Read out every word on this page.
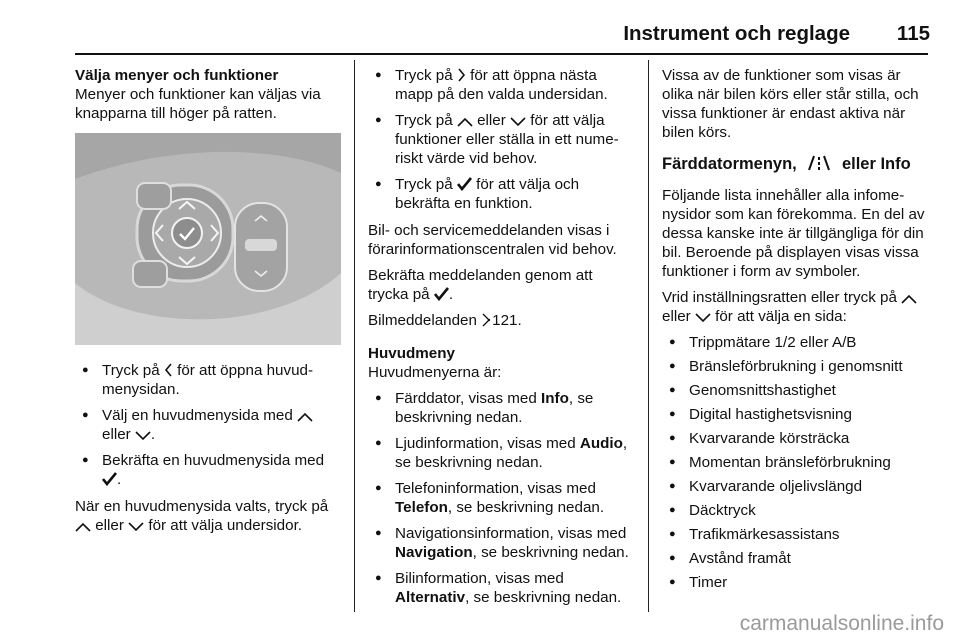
Instrument och reglage 115

Välja menyer och funktioner

Menyer och funktioner kan väljas via knapparna till höger på ratten.

● Tryck på  för att öppna huvudmenysidan.
● Välj en huvudmenysida med  eller .
● Bekräfta en huvudmenysida med .

När en huvudmenysida valts, tryck på  eller  för att välja undersidor.

● Tryck på  för att öppna nästa mapp på den valda undersidan.
● Tryck på  eller  för att välja funktioner eller ställa in ett numeriskt värde vid behov.
● Tryck på  för att välja och bekräfta en funktion.

Bil- och servicemeddelanden visas i förarinformationscentralen vid behov.

Bekräfta meddelanden genom att trycka på .

Bilmeddelanden 121.

Huvudmeny

Huvudmenyerna är:

● Färddator, visas med Info, se beskrivning nedan.
● Ljudinformation, visas med Audio, se beskrivning nedan.
● Telefoninformation, visas med Telefon, se beskrivning nedan.
● Navigationsinformation, visas med Navigation, se beskrivning nedan.
● Bilinformation, visas med Alternativ, se beskrivning nedan.

Vissa av de funktioner som visas är olika när bilen körs eller står stilla, och vissa funktioner är endast aktiva när bilen körs.

Färddatormenyn,  eller Info

Följande lista innehåller alla infomenysidor som kan förekomma. En del av dessa kanske inte är tillgängliga för din bil. Beroende på displayen visas vissa funktioner i form av symboler.

Vrid inställningsratten eller tryck på  eller  för att välja en sida:

● Trippmätare 1/2 eller A/B
● Bränsleförbrukning i genomsnitt
● Genomsnittshastighet
● Digital hastighetsvisning
● Kvarvarande körsträcka
● Momentan bränsleförbrukning
● Kvarvarande oljelivslängd
● Däcktryck
● Trafikmärkesassistans
● Avstånd framåt
● Timer
carmanualsonline.info
